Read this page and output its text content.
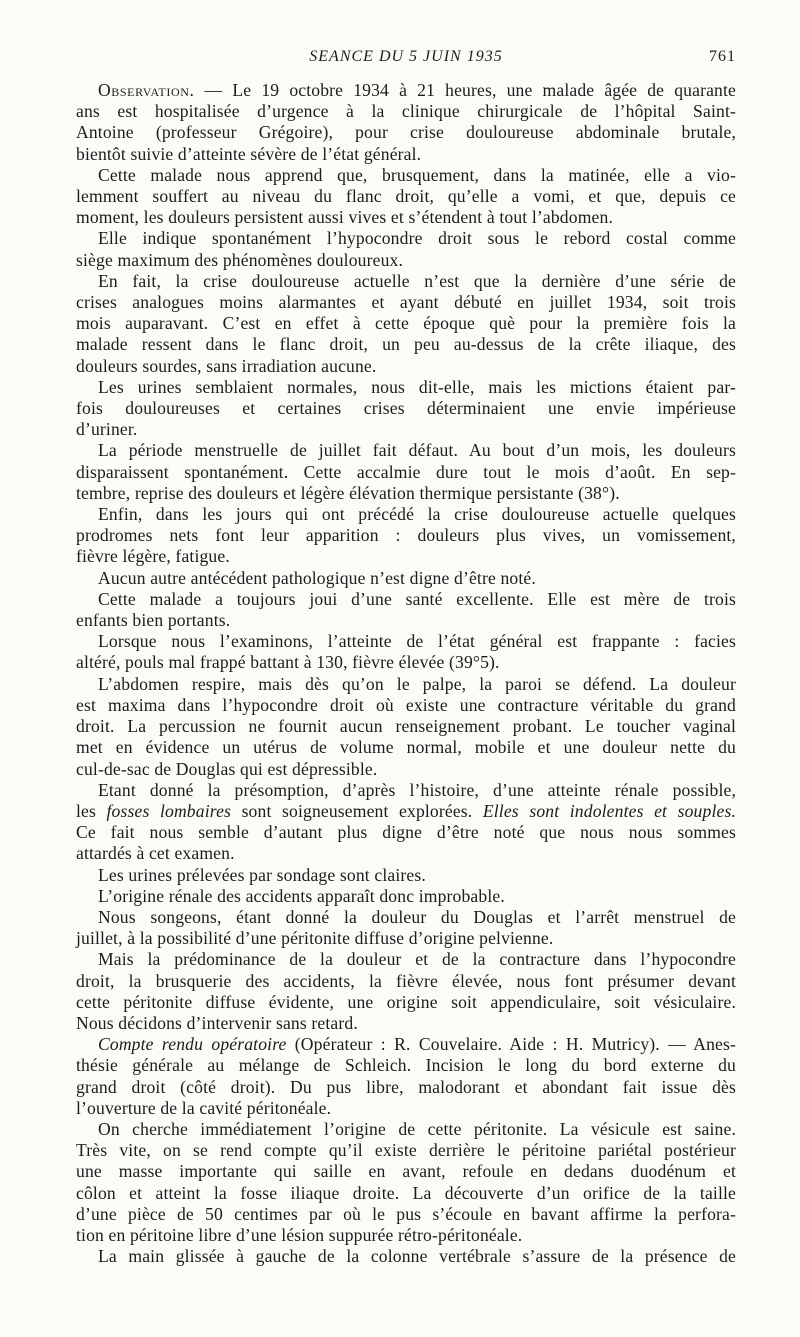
SEANCE DU 5 JUIN 1935	761

Observation. — Le 19 octobre 1934 à 21 heures, une malade âgée de quarante
ans est hospitalisée d’urgence à la clinique chirurgicale de l’hôpital Saint-
Antoine (professeur Grégoire), pour crise douloureuse abdominale brutale,
bientôt suivie d’atteinte sévère de l’état général.

Cette malade nous apprend que, brusquement, dans la matinée, elle a vio-
lemment souffert au niveau du flanc droit, qu’elle a vomi, et que, depuis ce
moment, les douleurs persistent aussi vives et s’étendent à tout l’abdomen.

Elle indique spontanément l’hypocondre droit sous le rebord costal comme
siège maximum des phénomènes douloureux.

En fait, la crise douloureuse actuelle n’est que la dernière d’une série de
crises analogues moins alarmantes et ayant débuté en juillet 1934, soit trois
mois auparavant. C’est en effet à cette époque què pour la première fois la
malade ressent dans le flanc droit, un peu au-dessus de la crête iliaque, des
douleurs sourdes, sans irradiation aucune.

Les urines semblaient normales, nous dit-elle, mais les mictions étaient par-
fois douloureuses et certaines crises déterminaient une envie impérieuse
d’uriner.

La période menstruelle de juillet fait défaut. Au bout d’un mois, les douleurs
disparaissent spontanément. Cette accalmie dure tout le mois d’août. En sep-
tembre, reprise des douleurs et légère élévation thermique persistante (38°).

Enfin, dans les jours qui ont précédé la crise douloureuse actuelle quelques
prodromes nets font leur apparition : douleurs plus vives, un vomissement,
fièvre légère, fatigue.

Aucun autre antécédent pathologique n’est digne d’être noté.

Cette malade a toujours joui d’une santé excellente. Elle est mère de trois
enfants bien portants.

Lorsque nous l’examinons, l’atteinte de l’état général est frappante : facies
altéré, pouls mal frappé battant à 130, fièvre élevée (39°5).

L’abdomen respire, mais dès qu’on le palpe, la paroi se défend. La douleur
est maxima dans l’hypocondre droit où existe une contracture véritable du grand
droit. La percussion ne fournit aucun renseignement probant. Le toucher vaginal
met en évidence un utérus de volume normal, mobile et une douleur nette du
cul-de-sac de Douglas qui est dépressible.

Etant donné la présomption, d’après l’histoire, d’une atteinte rénale possible,
les fosses lombaires sont soigneusement explorées. Elles sont indolentes et souples.
Ce fait nous semble d’autant plus digne d’être noté que nous nous sommes
attardés à cet examen.

Les urines prélevées par sondage sont claires.

L’origine rénale des accidents apparaît donc improbable.

Nous songeons, étant donné la douleur du Douglas et l’arrêt menstruel de
juillet, à la possibilité d’une péritonite diffuse d’origine pelvienne.

Mais la prédominance de la douleur et de la contracture dans l’hypocondre
droit, la brusquerie des accidents, la fièvre élevée, nous font présumer devant
cette péritonite diffuse évidente, une origine soit appendiculaire, soit vésiculaire.
Nous décidons d’intervenir sans retard.

Compte rendu opératoire (Opérateur : R. Couvelaire. Aide : H. Mutricy). — Anes-
thésie générale au mélange de Schleich. Incision le long du bord externe du
grand droit (côté droit). Du pus libre, malodorant et abondant fait issue dès
l’ouverture de la cavité péritonéale.

On cherche immédiatement l’origine de cette péritonite. La vésicule est saine.
Très vite, on se rend compte qu’il existe derrière le péritoine pariétal postérieur
une masse importante qui saille en avant, refoule en dedans duodénum et
côlon et atteint la fosse iliaque droite. La découverte d’un orifice de la taille
d’une pièce de 50 centimes par où le pus s’écoule en bavant affirme la perfora-
tion en péritoine libre d’une lésion suppurée rétro-péritonéale.

La main glissée à gauche de la colonne vertébrale s’assure de la présence de
